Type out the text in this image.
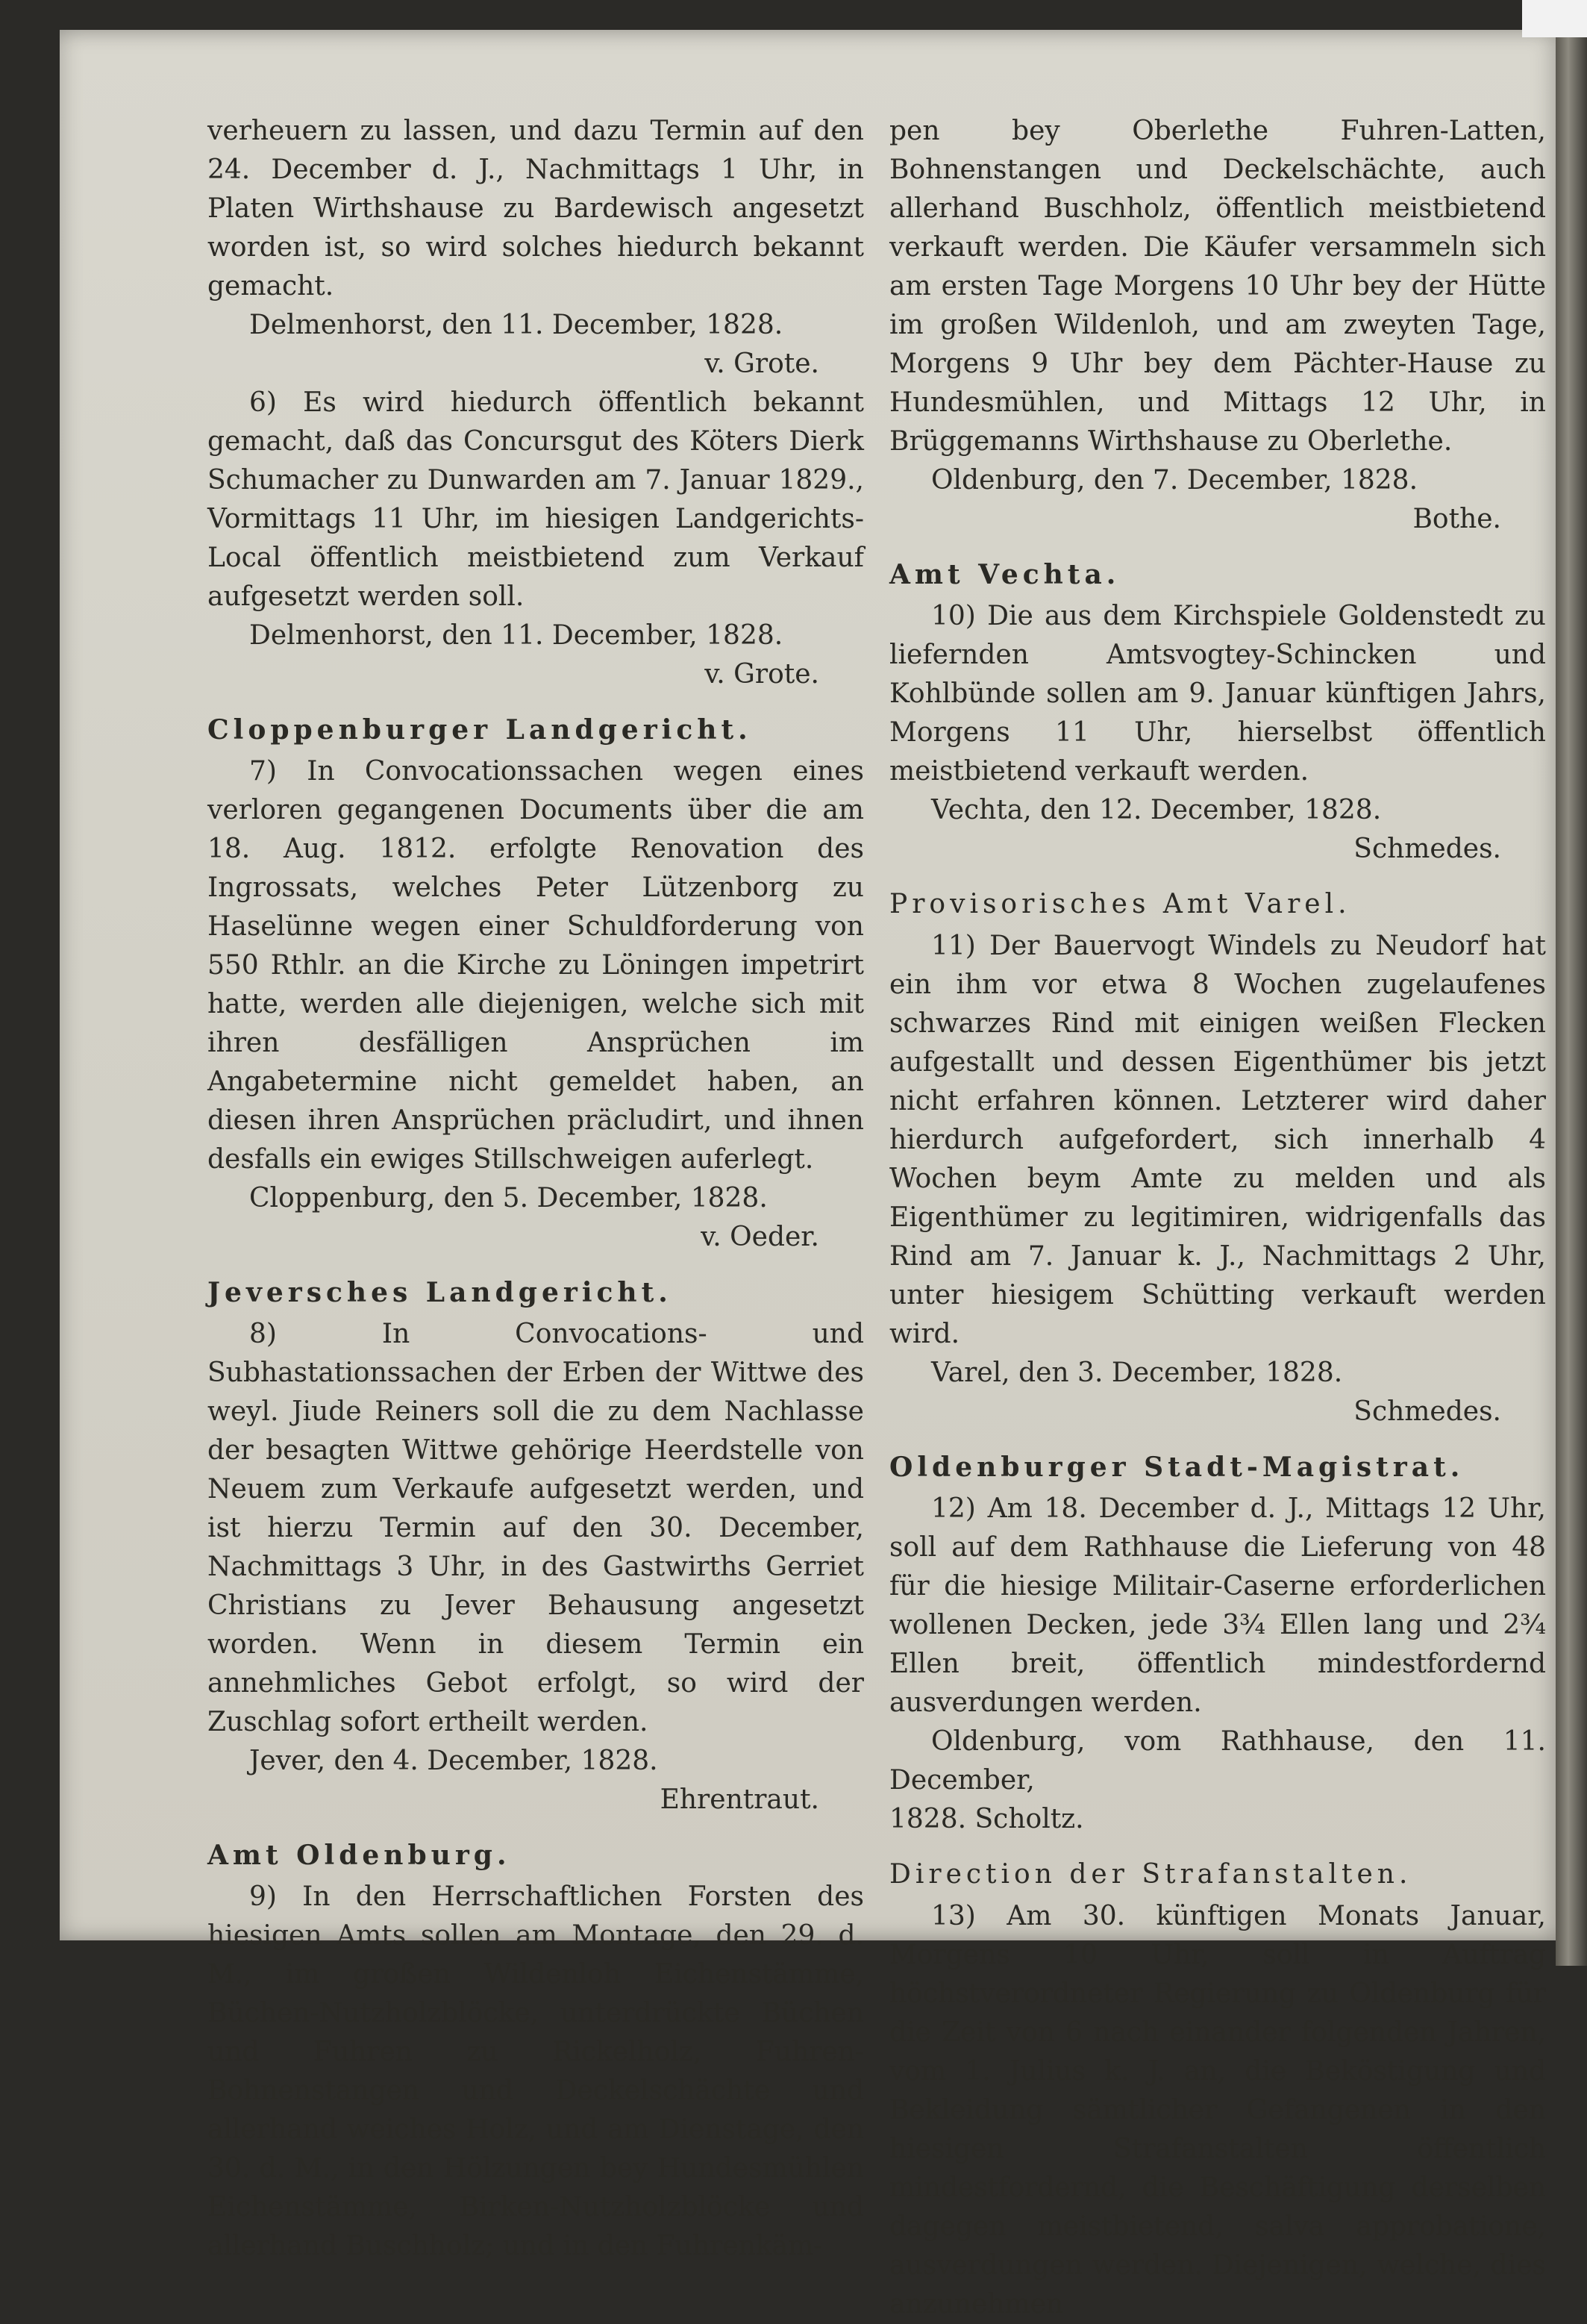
verheuern zu lassen, und dazu Termin auf den 24. December d. J., Nachmittags 1 Uhr, in Platen Wirthshause zu Bardewisch angesetzt worden ist, so wird solches hiedurch bekannt gemacht.
Delmenhorst, den 11. December, 1828.
v. Grote.
6) Es wird hiedurch öffentlich bekannt gemacht, daß das Concursgut des Köters Dierk Schumacher zu Dunwarden am 7. Januar 1829., Vormittags 11 Uhr, im hiesigen Landgerichts-Local öffentlich meistbietend zum Verkauf aufgesetzt werden soll.
Delmenhorst, den 11. December, 1828.
v. Grote.
Cloppenburger Landgericht.
7) In Convocationssachen wegen eines verloren gegangenen Documents über die am 18. Aug. 1812. erfolgte Renovation des Ingrossats, welches Peter Lützenborg zu Haselünne wegen einer Schuldforderung von 550 Rthlr. an die Kirche zu Löningen impetrirt hatte, werden alle diejenigen, welche sich mit ihren desfälligen Ansprüchen im Angabetermine nicht gemeldet haben, an diesen ihren Ansprüchen präcludirt, und ihnen desfalls ein ewiges Stillschweigen auferlegt.
Cloppenburg, den 5. December, 1828.
v. Oeder.
Jeversches Landgericht.
8) In Convocations- und Subhastationssachen der Erben der Wittwe des weyl. Jiude Reiners soll die zu dem Nachlasse der besagten Wittwe gehörige Heerdstelle von Neuem zum Verkaufe aufgesetzt werden, und ist hierzu Termin auf den 30. December, Nachmittags 3 Uhr, in des Gastwirths Gerriet Christians zu Jever Behausung angesetzt worden. Wenn in diesem Termin ein annehmliches Gebot erfolgt, so wird der Zuschlag sofort ertheilt werden.
Jever, den 4. December, 1828.
Ehrentraut.
Amt Oldenburg.
9) In den Herrschaftlichen Forsten des hiesigen Amts sollen am Montage, den 29. d. M., im großen Wildenloh Eichenstämme, Büchen-Nutzholzblöcke, unterdrückte Büchen und Fuhren zu Rickelholz, Fuhren-Bohnenstangen und Deckelschächte und allerhand weiches Holz, und am Dienstage, den 30. d. M., in den Hölzungen bey Hundesmühlen Eichenstämme, Birken-Nutzholzblöcke und allerhand Buschholz; und in den Fuhrenkäm-
pen bey Oberlethe Fuhren-Latten, Bohnenstangen und Deckelschächte, auch allerhand Buschholz, öffentlich meistbietend verkauft werden. Die Käufer versammeln sich am ersten Tage Morgens 10 Uhr bey der Hütte im großen Wildenloh, und am zweyten Tage, Morgens 9 Uhr bey dem Pächter-Hause zu Hundesmühlen, und Mittags 12 Uhr, in Brüggemanns Wirthshause zu Oberlethe.
Oldenburg, den 7. December, 1828.
Bothe.
Amt Vechta.
10) Die aus dem Kirchspiele Goldenstedt zu liefernden Amtsvogtey-Schincken und Kohlbünde sollen am 9. Januar künftigen Jahrs, Morgens 11 Uhr, hierselbst öffentlich meistbietend verkauft werden.
Vechta, den 12. December, 1828.
Schmedes.
Provisorisches Amt Varel.
11) Der Bauervogt Windels zu Neudorf hat ein ihm vor etwa 8 Wochen zugelaufenes schwarzes Rind mit einigen weißen Flecken aufgestallt und dessen Eigenthümer bis jetzt nicht erfahren können. Letzterer wird daher hierdurch aufgefordert, sich innerhalb 4 Wochen beym Amte zu melden und als Eigenthümer zu legitimiren, widrigenfalls das Rind am 7. Januar k. J., Nachmittags 2 Uhr, unter hiesigem Schütting verkauft werden wird.
Varel, den 3. December, 1828.
Schmedes.
Oldenburger Stadt-Magistrat.
12) Am 18. December d. J., Mittags 12 Uhr, soll auf dem Rathhause die Lieferung von 48 für die hiesige Militair-Caserne erforderlichen wollenen Decken, jede 3¾ Ellen lang und 2¾ Ellen breit, öffentlich mindestfordernd ausverdungen werden.
Oldenburg, vom Rathhause, den 11. December,
1828. Scholtz.
Direction der Strafanstalten.
13) Am 30. künftigen Monats Januar, Morgens 10 Uhr, soll in Auftrag höchstverordneter Regierung zu Oldenburg für die Zeit von 6 nach einander folgenden Jahren, vom 1. Julius k. J. an, die Beköstigung und Bekleidung sämtlicher Gefangenen in den hiesigen Strafanstalten öffentlich mindestfordernd, die Beschäftigung derselben dagegen meistbietend, salva approbatione, ausverdungen werden. Diejenigen, welche, dies anzunehmen
